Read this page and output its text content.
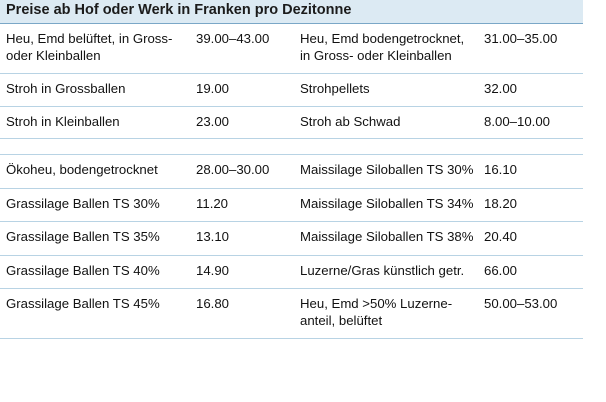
Preise ab Hof oder Werk in Franken pro Dezitonne			
Heu, Emd belüftet, in Gross- oder Kleinballen	39.00–43.00	Heu, Emd bodengetrocknet, in Gross- oder Kleinballen	31.00–35.00
Stroh in Grossballen	19.00	Strohpellets	32.00
Stroh in Kleinballen	23.00	Stroh ab Schwad	8.00–10.00

Ökoheu, bodengetrocknet	28.00–30.00	Maissilage Siloballen TS 30%	16.10
Grassilage Ballen TS 30%	11.20	Maissilage Siloballen TS 34%	18.20
Grassilage Ballen TS 35%	13.10	Maissilage Siloballen TS 38%	20.40
Grassilage Ballen TS 40%	14.90	Luzerne/Gras künstlich getr.	66.00
Grassilage Ballen TS 45%	16.80	Heu, Emd >50% Luzerne-anteil, belüftet	50.00–53.00
